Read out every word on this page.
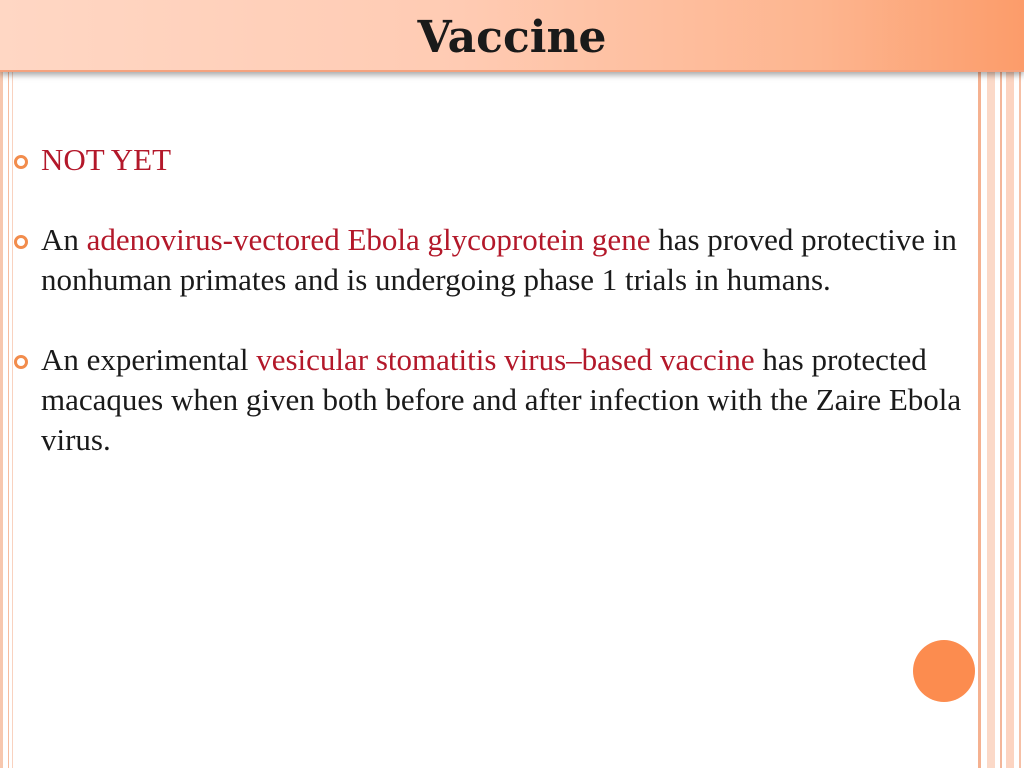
Vaccine
NOT YET
An adenovirus-vectored Ebola glycoprotein gene has proved protective in nonhuman primates and is undergoing phase 1 trials in humans.
An experimental vesicular stomatitis virus–based vaccine has protected macaques when given both before and after infection with the Zaire Ebola virus.
